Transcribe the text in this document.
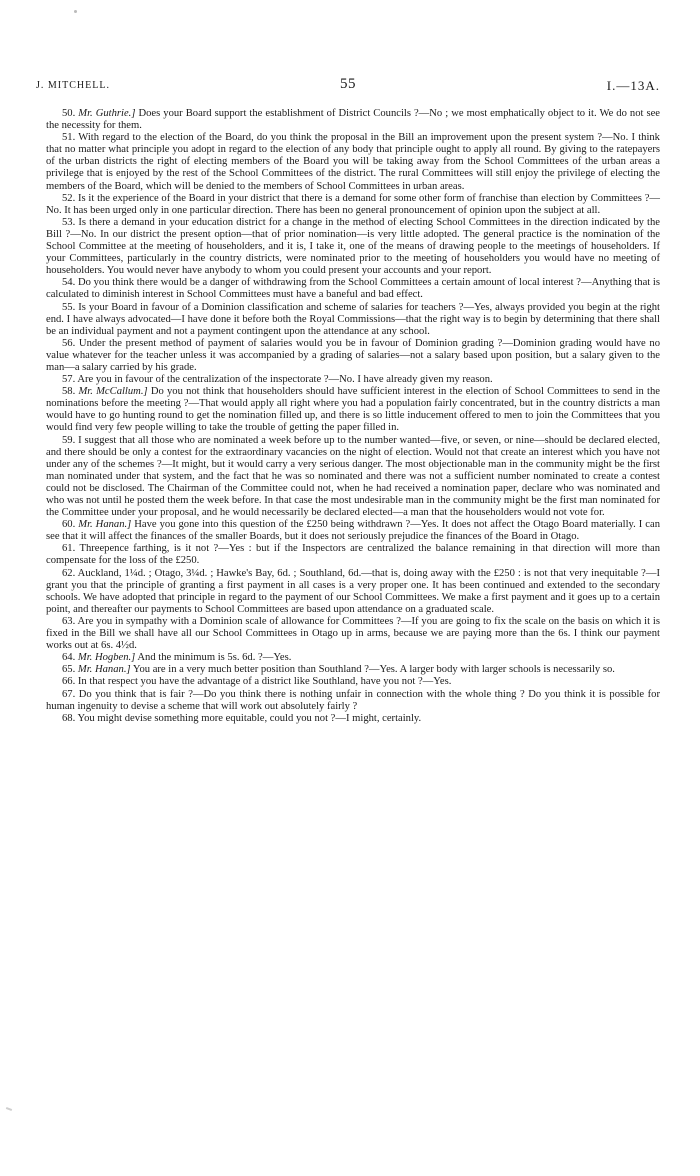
J. MITCHELL.	55	I.—13A.

50. Mr. Guthrie.] Does your Board support the establishment of District Councils ?—No ; we most emphatically object to it. We do not see the necessity for them.

51. With regard to the election of the Board, do you think the proposal in the Bill an improvement upon the present system ?—No. I think that no matter what principle you adopt in regard to the election of any body that principle ought to apply all round. By giving to the ratepayers of the urban districts the right of electing members of the Board you will be taking away from the School Committees of the urban areas a privilege that is enjoyed by the rest of the School Committees of the district. The rural Committees will still enjoy the privilege of electing the members of the Board, which will be denied to the members of School Committees in urban areas.

52. Is it the experience of the Board in your district that there is a demand for some other form of franchise than election by Committees ?—No. It has been urged only in one particular direction. There has been no general pronouncement of opinion upon the subject at all.

53. Is there a demand in your education district for a change in the method of electing School Committees in the direction indicated by the Bill ?—No. In our district the present option—that of prior nomination—is very little adopted. The general practice is the nomination of the School Committee at the meeting of householders, and it is, I take it, one of the means of drawing people to the meetings of householders. If your Committees, particularly in the country districts, were nominated prior to the meeting of householders you would have no meeting of householders. You would never have anybody to whom you could present your accounts and your report.

54. Do you think there would be a danger of withdrawing from the School Committees a certain amount of local interest ?—Anything that is calculated to diminish interest in School Committees must have a baneful and bad effect.

55. Is your Board in favour of a Dominion classification and scheme of salaries for teachers ?—Yes, always provided you begin at the right end. I have always advocated—I have done it before both the Royal Commissions—that the right way is to begin by determining that there shall be an individual payment and not a payment contingent upon the attendance at any school.

56. Under the present method of payment of salaries would you be in favour of Dominion grading ?—Dominion grading would have no value whatever for the teacher unless it was accompanied by a grading of salaries—not a salary based upon position, but a salary given to the man—a salary carried by his grade.

57. Are you in favour of the centralization of the inspectorate ?—No. I have already given my reason.

58. Mr. McCallum.] Do you not think that householders should have sufficient interest in the election of School Committees to send in the nominations before the meeting ?—That would apply all right where you had a population fairly concentrated, but in the country districts a man would have to go hunting round to get the nomination filled up, and there is so little inducement offered to men to join the Committees that you would find very few people willing to take the trouble of getting the paper filled in.

59. I suggest that all those who are nominated a week before up to the number wanted—five, or seven, or nine—should be declared elected, and there should be only a contest for the extraordinary vacancies on the night of election. Would not that create an interest which you have not under any of the schemes ?—It might, but it would carry a very serious danger. The most objectionable man in the community might be the first man nominated under that system, and the fact that he was so nominated and there was not a sufficient number nominated to create a contest could not be disclosed. The Chairman of the Committee could not, when he had received a nomination paper, declare who was nominated and who was not until he posted them the week before. In that case the most undesirable man in the community might be the first man nominated for the Committee under your proposal, and he would necessarily be declared elected—a man that the householders would not vote for.

60. Mr. Hanan.] Have you gone into this question of the £250 being withdrawn ?—Yes. It does not affect the Otago Board materially. I can see that it will affect the finances of the smaller Boards, but it does not seriously prejudice the finances of the Board in Otago.

61. Threepence farthing, is it not ?—Yes : but if the Inspectors are centralized the balance remaining in that direction will more than compensate for the loss of the £250.

62. Auckland, 1¼d. ; Otago, 3¼d. ; Hawke's Bay, 6d. ; Southland, 6d.—that is, doing away with the £250 : is not that very inequitable ?—I grant you that the principle of granting a first payment in all cases is a very proper one. It has been continued and extended to the secondary schools. We have adopted that principle in regard to the payment of our School Committees. We make a first payment and it goes up to a certain point, and thereafter our payments to School Committees are based upon attendance on a graduated scale.

63. Are you in sympathy with a Dominion scale of allowance for Committees ?—If you are going to fix the scale on the basis on which it is fixed in the Bill we shall have all our School Committees in Otago up in arms, because we are paying more than the 6s. I think our payment works out at 6s. 4½d.

64. Mr. Hogben.] And the minimum is 5s. 6d. ?—Yes.

65. Mr. Hanan.] You are in a very much better position than Southland ?—Yes. A larger body with larger schools is necessarily so.

66. In that respect you have the advantage of a district like Southland, have you not ?—Yes.

67. Do you think that is fair ?—Do you think there is nothing unfair in connection with the whole thing ? Do you think it is possible for human ingenuity to devise a scheme that will work out absolutely fairly ?

68. You might devise something more equitable, could you not ?—I might, certainly.
